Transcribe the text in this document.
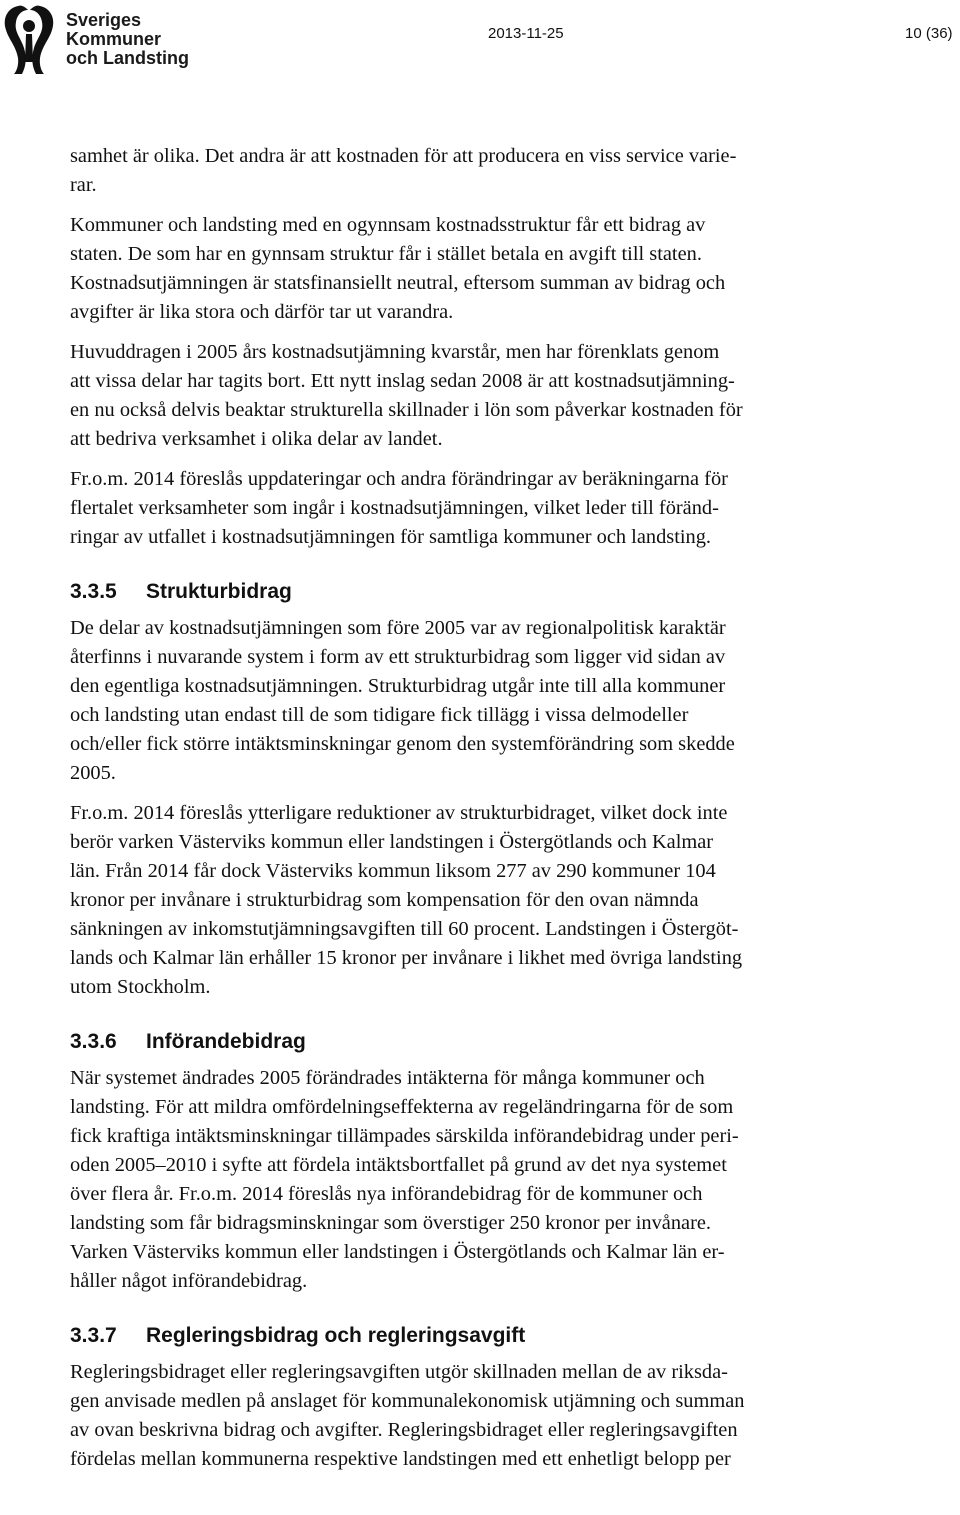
Sveriges
Kommuner
och Landsting
2013-11-25	10 (36)

samhet är olika. Det andra är att kostnaden för att producera en viss service varie-
rar.

Kommuner och landsting med en ogynnsam kostnadsstruktur får ett bidrag av
staten. De som har en gynnsam struktur får i stället betala en avgift till staten.
Kostnadsutjämningen är statsfinansiellt neutral, eftersom summan av bidrag och
avgifter är lika stora och därför tar ut varandra.

Huvuddragen i 2005 års kostnadsutjämning kvarstår, men har förenklats genom
att vissa delar har tagits bort. Ett nytt inslag sedan 2008 är att kostnadsutjämning-
en nu också delvis beaktar strukturella skillnader i lön som påverkar kostnaden för
att bedriva verksamhet i olika delar av landet.

Fr.o.m. 2014 föreslås uppdateringar och andra förändringar av beräkningarna för
flertalet verksamheter som ingår i kostnadsutjämningen, vilket leder till föränd-
ringar av utfallet i kostnadsutjämningen för samtliga kommuner och landsting.

3.3.5 Strukturbidrag

De delar av kostnadsutjämningen som före 2005 var av regionalpolitisk karaktär
återfinns i nuvarande system i form av ett strukturbidrag som ligger vid sidan av
den egentliga kostnadsutjämningen. Strukturbidrag utgår inte till alla kommuner
och landsting utan endast till de som tidigare fick tillägg i vissa delmodeller
och/eller fick större intäktsminskningar genom den systemförändring som skedde
2005.

Fr.o.m. 2014 föreslås ytterligare reduktioner av strukturbidraget, vilket dock inte
berör varken Västerviks kommun eller landstingen i Östergötlands och Kalmar
län. Från 2014 får dock Västerviks kommun liksom 277 av 290 kommuner 104
kronor per invånare i strukturbidrag som kompensation för den ovan nämnda
sänkningen av inkomstutjämningsavgiften till 60 procent. Landstingen i Östergöt-
lands och Kalmar län erhåller 15 kronor per invånare i likhet med övriga landsting
utom Stockholm.

3.3.6 Införandebidrag

När systemet ändrades 2005 förändrades intäkterna för många kommuner och
landsting. För att mildra omfördelningseffekterna av regeländringarna för de som
fick kraftiga intäktsminskningar tillämpades särskilda införandebidrag under peri-
oden 2005–2010 i syfte att fördela intäktsbortfallet på grund av det nya systemet
över flera år. Fr.o.m. 2014 föreslås nya införandebidrag för de kommuner och
landsting som får bidragsminskningar som överstiger 250 kronor per invånare.
Varken Västerviks kommun eller landstingen i Östergötlands och Kalmar län er-
håller något införandebidrag.

3.3.7 Regleringsbidrag och regleringsavgift

Regleringsbidraget eller regleringsavgiften utgör skillnaden mellan de av riksda-
gen anvisade medlen på anslaget för kommunalekonomisk utjämning och summan
av ovan beskrivna bidrag och avgifter. Regleringsbidraget eller regleringsavgiften
fördelas mellan kommunerna respektive landstingen med ett enhetligt belopp per
